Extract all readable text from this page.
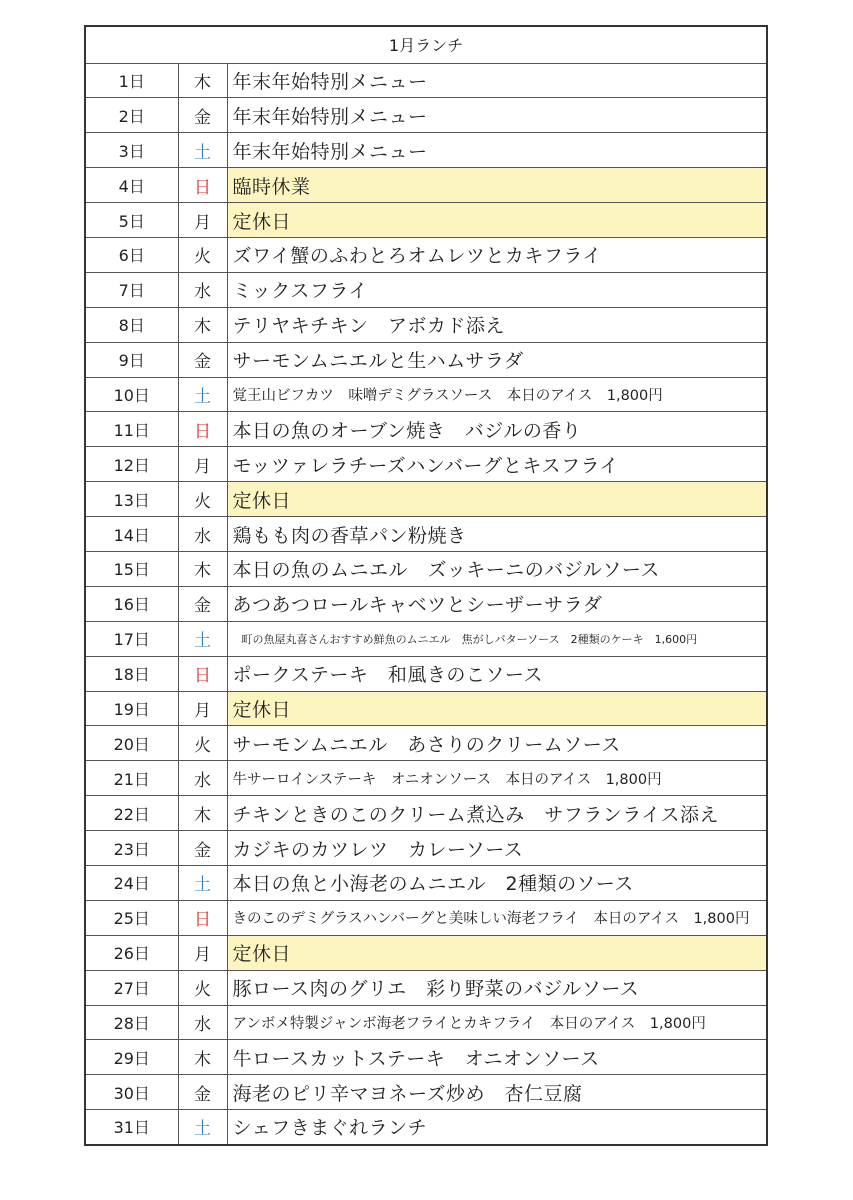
1月ランチ		
1日	木	年末年始特別メニュー
2日	金	年末年始特別メニュー
3日	土	年末年始特別メニュー
4日	日	臨時休業
5日	月	定休日
6日	火	ズワイ蟹のふわとろオムレツとカキフライ
7日	水	ミックスフライ
8日	木	テリヤキチキン　アボカド添え
9日	金	サーモンムニエルと生ハムサラダ
10日	土	覚王山ビフカツ　味噌デミグラスソース　本日のアイス　1,800円
11日	日	本日の魚のオーブン焼き　バジルの香り
12日	月	モッツァレラチーズハンバーグとキスフライ
13日	火	定休日
14日	水	鶏もも肉の香草パン粉焼き
15日	木	本日の魚のムニエル　ズッキーニのバジルソース
16日	金	あつあつロールキャベツとシーザーサラダ
17日	土	町の魚屋丸喜さんおすすめ鮮魚のムニエル　焦がしバターソース　2種類のケーキ　1,600円
18日	日	ポークステーキ　和風きのこソース
19日	月	定休日
20日	火	サーモンムニエル　あさりのクリームソース
21日	水	牛サーロインステーキ　オニオンソース　本日のアイス　1,800円
22日	木	チキンときのこのクリーム煮込み　サフランライス添え
23日	金	カジキのカツレツ　カレーソース
24日	土	本日の魚と小海老のムニエル　2種類のソース
25日	日	きのこのデミグラスハンバーグと美味しい海老フライ　本日のアイス　1,800円
26日	月	定休日
27日	火	豚ロース肉のグリエ　彩り野菜のバジルソース
28日	水	アンボメ特製ジャンボ海老フライとカキフライ　本日のアイス　1,800円
29日	木	牛ロースカットステーキ　オニオンソース
30日	金	海老のピリ辛マヨネーズ炒め　杏仁豆腐
31日	土	シェフきまぐれランチ
